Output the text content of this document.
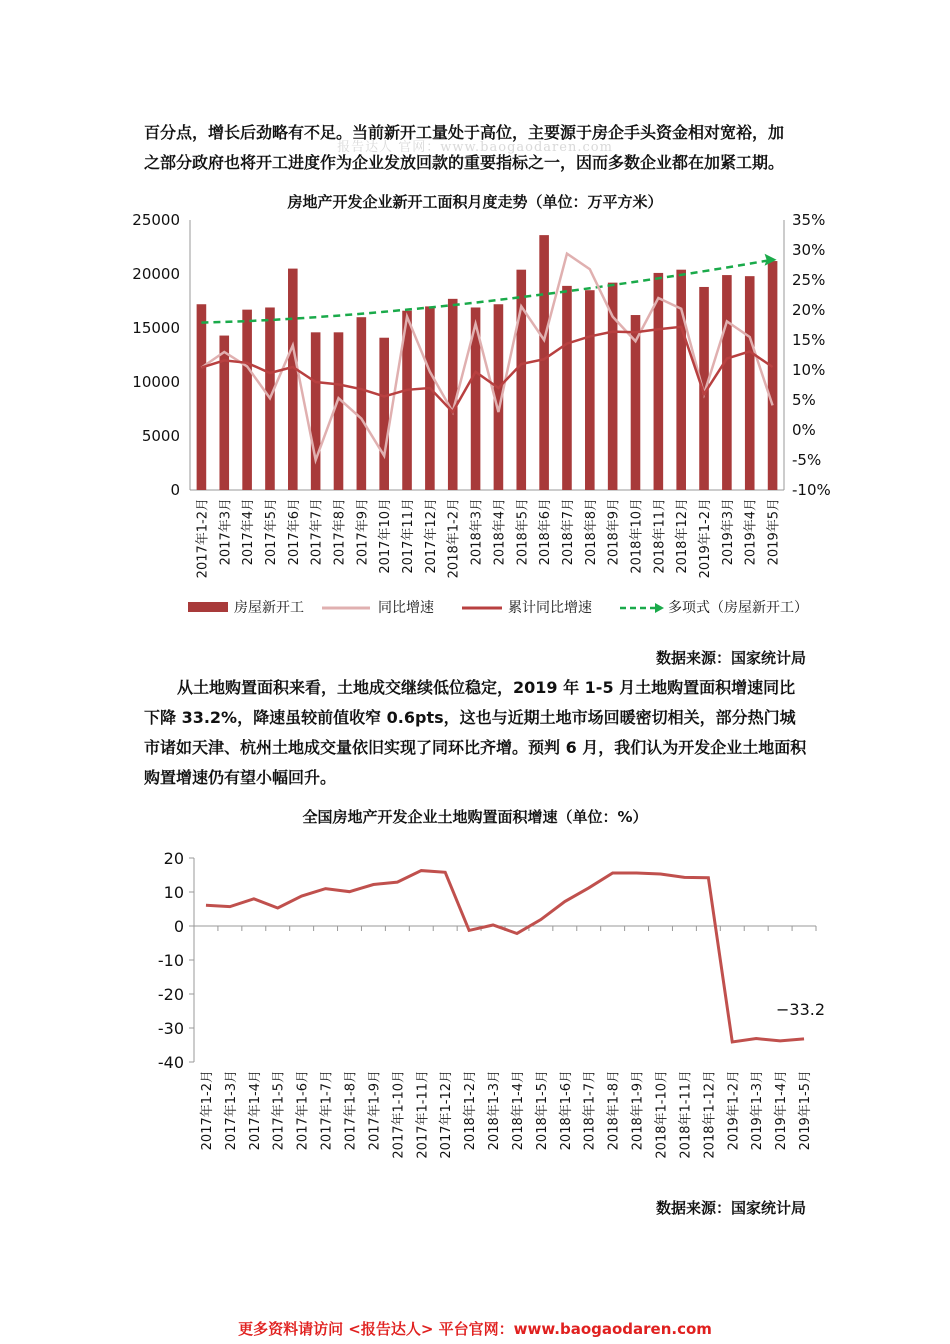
报告达人 官网：www.baogaodaren.com

百分点，增长后劲略有不足。当前新开工量处于高位，主要源于房企手头资金相对宽裕，加
之部分政府也将开工进度作为企业发放回款的重要指标之一，因而多数企业都在加紧工期。

房地产开发企业新开工面积月度走势（单位：万平方米）
0
5000
10000
15000
20000
25000
-10%
-5%
0%
5%
10%
15%
20%
25%
30%
35%
2017年1-2月 2017年3月 2017年4月 2017年5月 2017年6月 2017年7月 2017年8月 2017年9月 2017年10月 2017年11月 2017年12月 2018年1-2月 2018年3月 2018年4月 2018年5月 2018年6月 2018年7月 2018年8月 2018年9月 2018年10月 2018年11月 2018年12月 2019年1-2月 2019年3月 2019年4月 2019年5月
房屋新开工	同比增速	累计同比增速	多项式（房屋新开工）
数据来源：国家统计局

从土地购置面积来看，土地成交继续低位稳定，2019 年 1-5 月土地购置面积增速同比下降 33.2%，降速虽较前值收窄 0.6pts，这也与近期土地市场回暖密切相关，部分热门城市诸如天津、杭州土地成交量依旧实现了同环比齐增。预判 6 月，我们认为开发企业土地面积购置增速仍有望小幅回升。

全国房地产开发企业土地购置面积增速（单位：%）
-40
-30
-20
-10
0
10
20
−33.2
2017年1-2月 2017年1-3月 2017年1-4月 2017年1-5月 2017年1-6月 2017年1-7月 2017年1-8月 2017年1-9月 2017年1-10月 2017年1-11月 2017年1-12月 2018年1-2月 2018年1-3月 2018年1-4月 2018年1-5月 2018年1-6月 2018年1-7月 2018年1-8月 2018年1-9月 2018年1-10月 2018年1-11月 2018年1-12月 2019年1-2月 2019年1-3月 2019年1-4月 2019年1-5月
数据来源：国家统计局
更多资料请访问 <报告达人> 平台官网：www.baogaodaren.com
